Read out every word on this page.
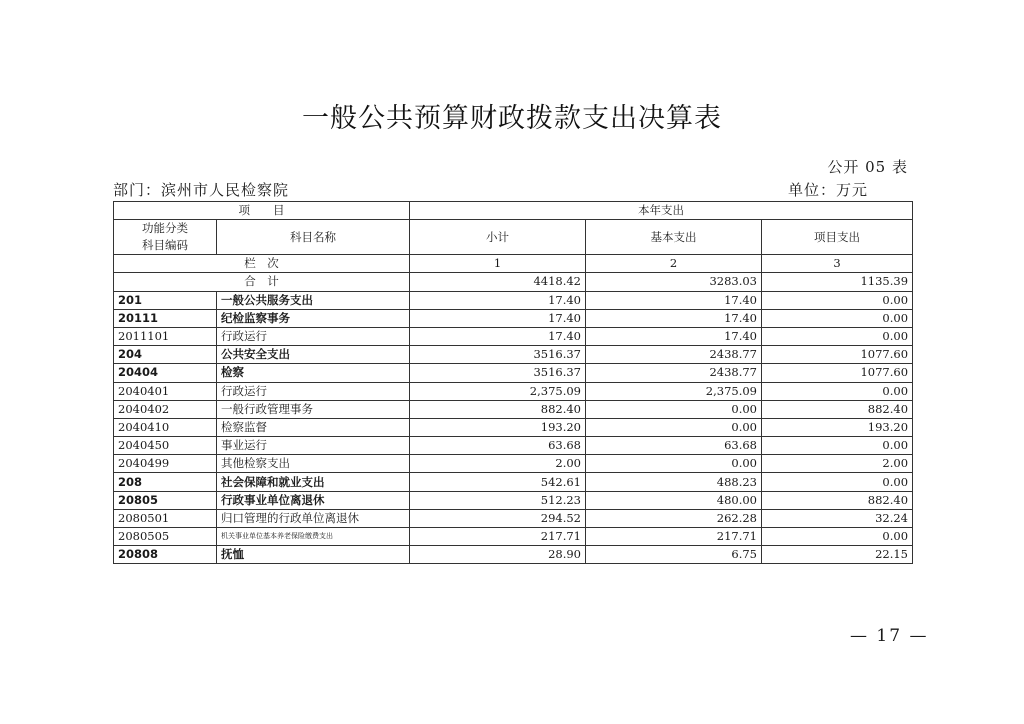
一般公共预算财政拨款支出决算表
公开 05 表
部门：滨州市人民检察院	单位：万元
项　　目		本年支出		
功能分类
科目编码	科目名称	小计	基本支出	项目支出
栏　次		1	2	3
合　计		4418.42	3283.03	1135.39
201	一般公共服务支出	17.40	17.40	0.00
20111	纪检监察事务	17.40	17.40	0.00
2011101	行政运行	17.40	17.40	0.00
204	公共安全支出	3516.37	2438.77	1077.60
20404	检察	3516.37	2438.77	1077.60
2040401	行政运行	2,375.09	2,375.09	0.00
2040402	一般行政管理事务	882.40	0.00	882.40
2040410	检察监督	193.20	0.00	193.20
2040450	事业运行	63.68	63.68	0.00
2040499	其他检察支出	2.00	0.00	2.00
208	社会保障和就业支出	542.61	488.23	0.00
20805	行政事业单位离退休	512.23	480.00	882.40
2080501	归口管理的行政单位离退休	294.52	262.28	32.24
2080505	机关事业单位基本养老保险缴费支出	217.71	217.71	0.00
20808	抚恤	28.90	6.75	22.15
— 17 —
